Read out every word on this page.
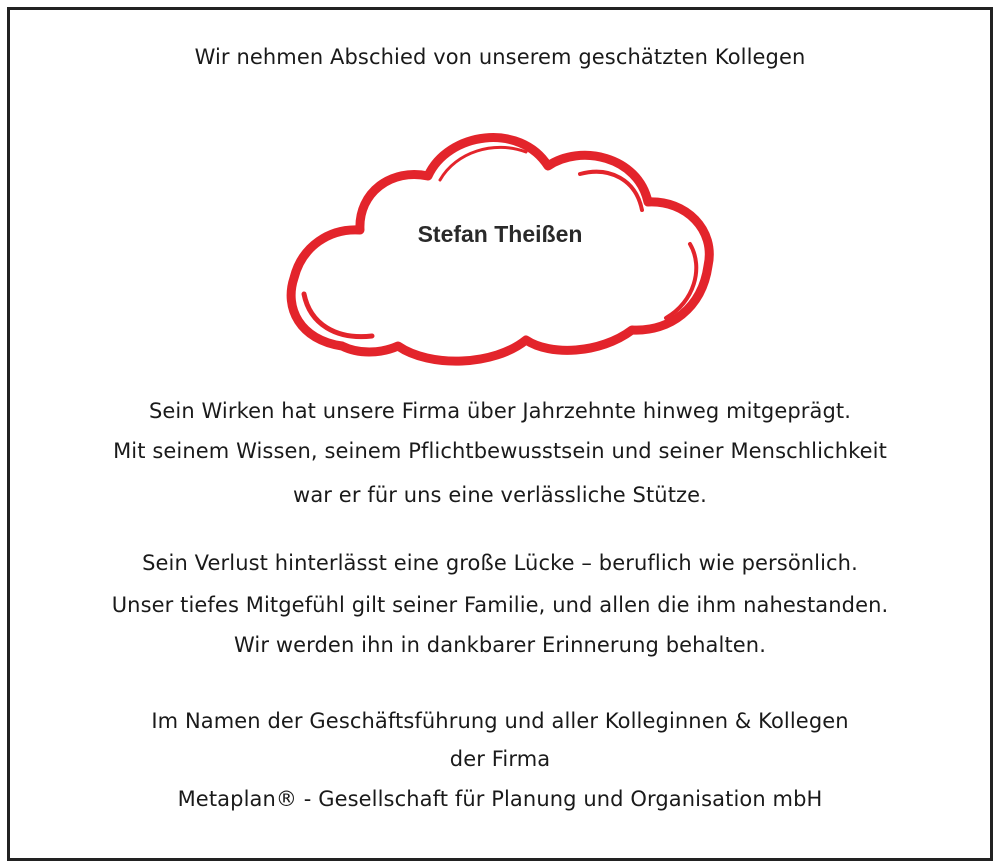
Wir nehmen Abschied von unserem geschätzten Kollegen
Stefan Theißen
Sein Wirken hat unsere Firma über Jahrzehnte hinweg mitgeprägt.
Mit seinem Wissen, seinem Pflichtbewusstsein und seiner Menschlichkeit
war er für uns eine verlässliche Stütze.
Sein Verlust hinterlässt eine große Lücke – beruflich wie persönlich.
Unser tiefes Mitgefühl gilt seiner Familie, und allen die ihm nahestanden.
Wir werden ihn in dankbarer Erinnerung behalten.
Im Namen der Geschäftsführung und aller Kolleginnen & Kollegen
der Firma
Metaplan® - Gesellschaft für Planung und Organisation mbH
